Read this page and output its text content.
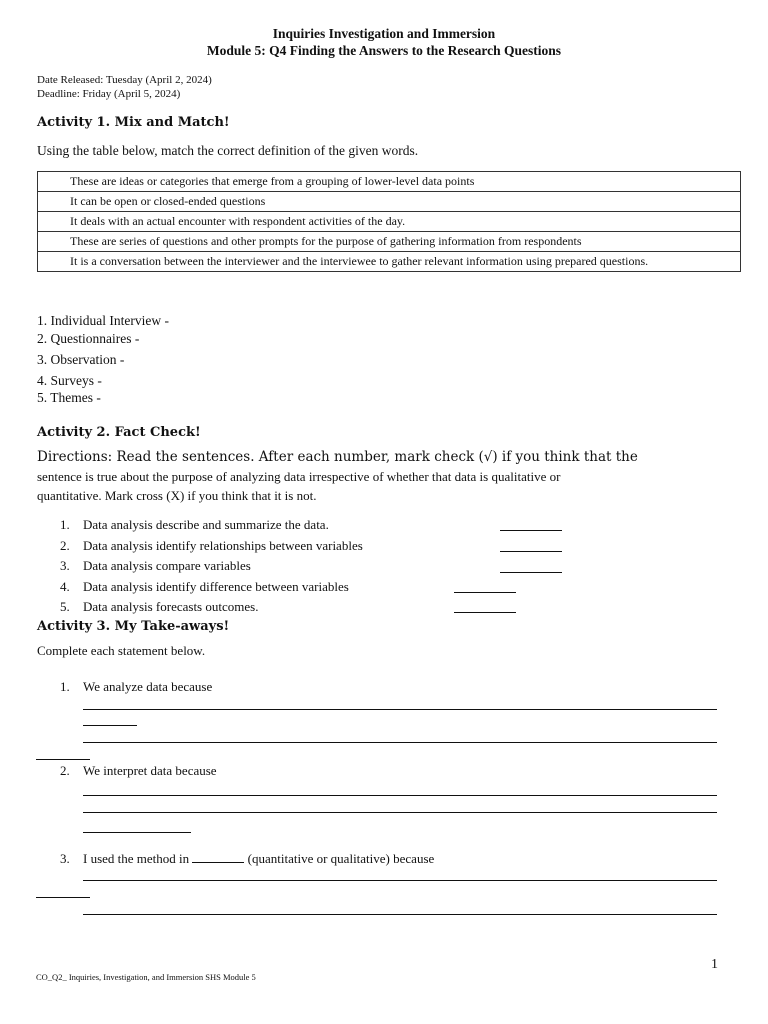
Inquiries Investigation and Immersion
Module 5: Q4 Finding the Answers to the Research Questions
Date Released: Tuesday (April 2, 2024)
Deadline: Friday (April 5, 2024)
Activity 1. Mix and Match!
Using the table below, match the correct definition of the given words.
These are ideas or categories that emerge from a grouping of lower-level data points
It can be open or closed-ended questions
It deals with an actual encounter with respondent activities of the day.
These are series of questions and other prompts for the purpose of gathering information from respondents
It is a conversation between the interviewer and the interviewee to gather relevant information using prepared questions.
1. Individual Interview -
2. Questionnaires -
3. Observation -
4. Surveys -
5. Themes -
Activity 2. Fact Check!
Directions: Read the sentences. After each number, mark check (√) if you think that the
sentence is true about the purpose of analyzing data irrespective of whether that data is qualitative or
quantitative. Mark cross (X) if you think that it is not.
1. Data analysis describe and summarize the data.
2. Data analysis identify relationships between variables
3. Data analysis compare variables
4. Data analysis identify difference between variables
5. Data analysis forecasts outcomes.
Activity 3. My Take-aways!
Complete each statement below.
1. We analyze data because
2. We interpret data because
3. I used the method in	(quantitative or qualitative) because
1
CO_Q2_ Inquiries, Investigation, and Immersion SHS Module 5
